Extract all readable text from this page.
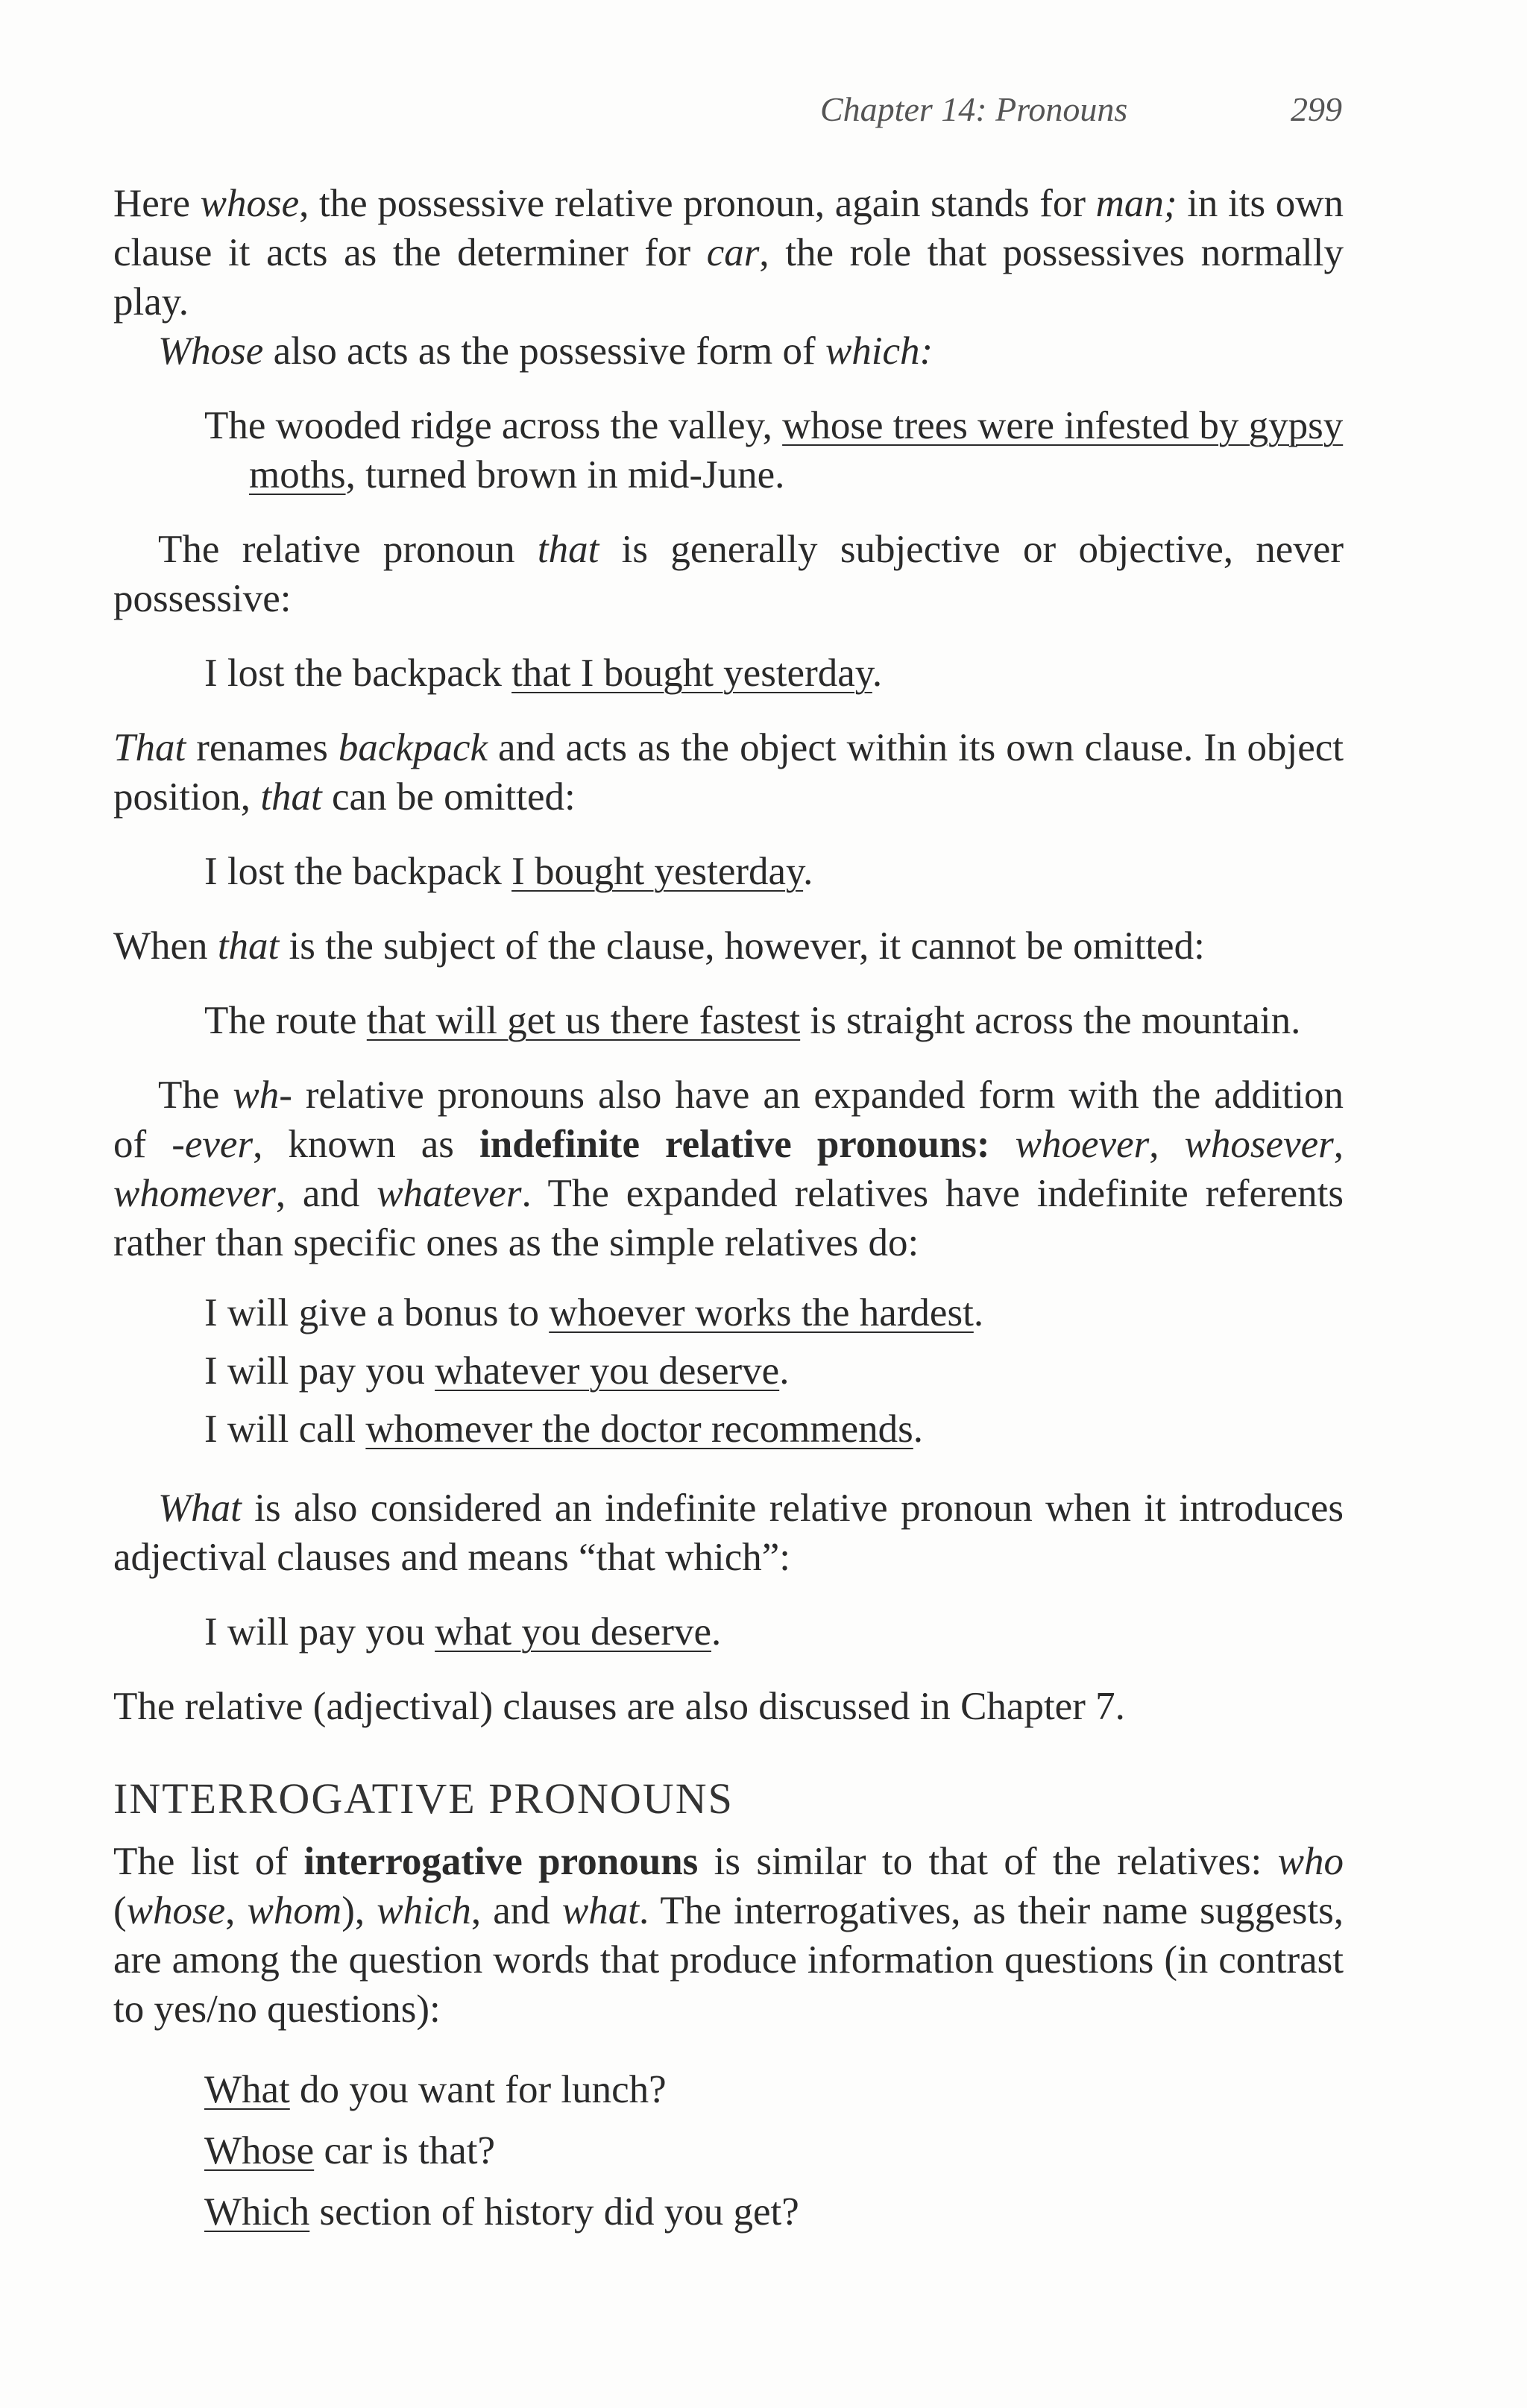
Chapter 14: Pronouns	299

Here whose, the possessive relative pronoun, again stands for man; in its own clause it acts as the determiner for car, the role that possessives normally play.

Whose also acts as the possessive form of which:

The wooded ridge across the valley, whose trees were infested by gypsy moths, turned brown in mid-June.

The relative pronoun that is generally subjective or objective, never possessive:

I lost the backpack that I bought yesterday.

That renames backpack and acts as the object within its own clause. In object position, that can be omitted:

I lost the backpack I bought yesterday.

When that is the subject of the clause, however, it cannot be omitted:

The route that will get us there fastest is straight across the mountain.

The wh- relative pronouns also have an expanded form with the addition of -ever, known as indefinite relative pronouns: whoever, whosever, whomever, and whatever. The expanded relatives have indefinite referents rather than specific ones as the simple relatives do:

I will give a bonus to whoever works the hardest.

I will pay you whatever you deserve.

I will call whomever the doctor recommends.

What is also considered an indefinite relative pronoun when it introduces adjectival clauses and means “that which”:

I will pay you what you deserve.

The relative (adjectival) clauses are also discussed in Chapter 7.

INTERROGATIVE PRONOUNS

The list of interrogative pronouns is similar to that of the relatives: who (whose, whom), which, and what. The interrogatives, as their name suggests, are among the question words that produce information questions (in contrast to yes/no questions):

What do you want for lunch?

Whose car is that?

Which section of history did you get?
